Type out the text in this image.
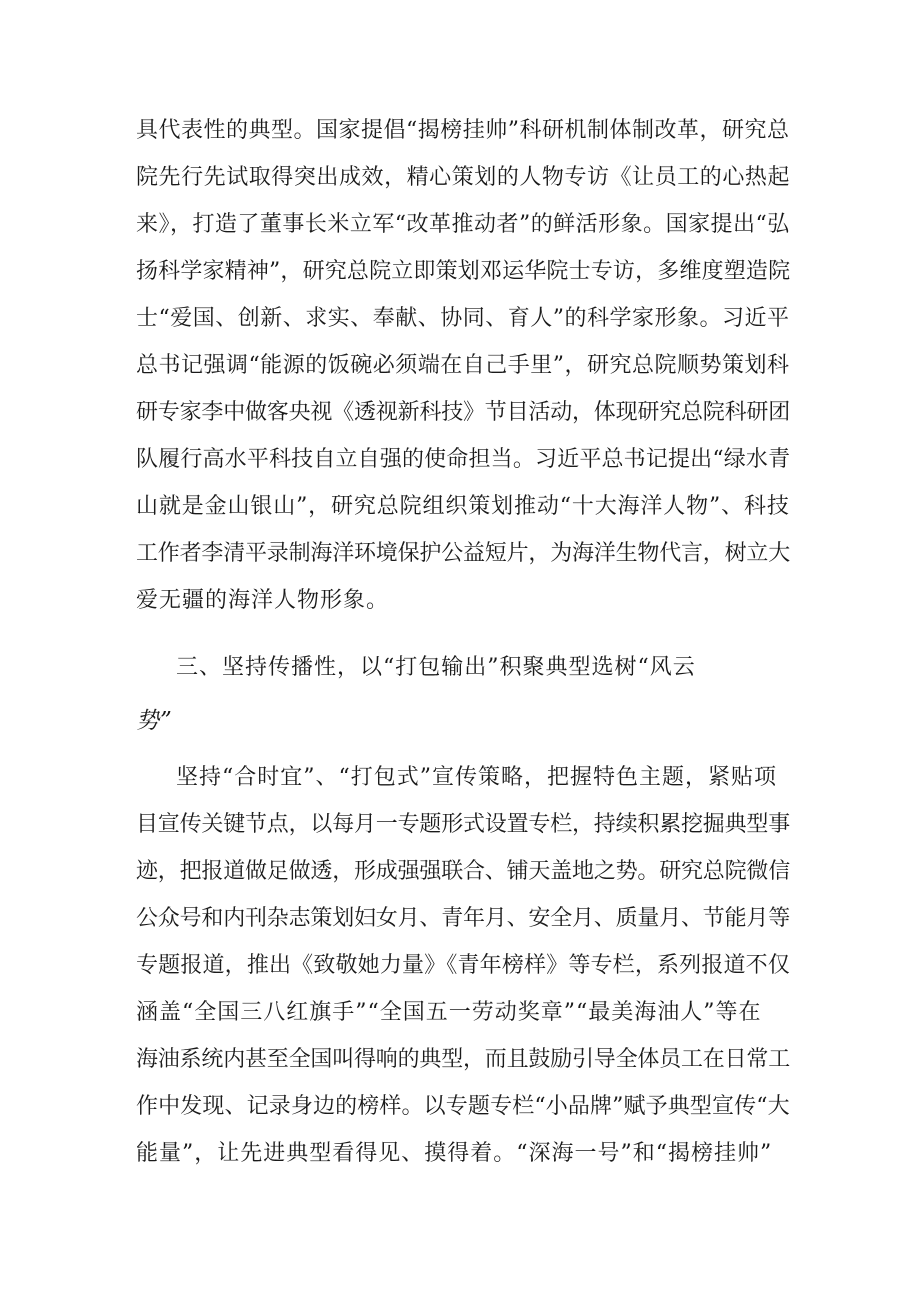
具代表性的典型。国家提倡“揭榜挂帅”科研机制体制改革，研究总
院先行先试取得突出成效，精心策划的人物专访《让员工的心热起
来》，打造了董事长米立军“改革推动者”的鲜活形象。国家提出“弘
扬科学家精神”，研究总院立即策划邓运华院士专访，多维度塑造院
士“爱国、创新、求实、奉献、协同、育人”的科学家形象。习近平
总书记强调“能源的饭碗必须端在自己手里”，研究总院顺势策划科
研专家李中做客央视《透视新科技》节目活动，体现研究总院科研团
队履行高水平科技自立自强的使命担当。习近平总书记提出“绿水青
山就是金山银山”，研究总院组织策划推动“十大海洋人物”、科技
工作者李清平录制海洋环境保护公益短片，为海洋生物代言，树立大
爱无疆的海洋人物形象。
三、坚持传播性，以“打包输出”积聚典型选树“风云
势”
坚持“合时宜”、“打包式”宣传策略，把握特色主题，紧贴项
目宣传关键节点，以每月一专题形式设置专栏，持续积累挖掘典型事
迹，把报道做足做透，形成强强联合、铺天盖地之势。研究总院微信
公众号和内刊杂志策划妇女月、青年月、安全月、质量月、节能月等
专题报道，推出《致敬她力量》《青年榜样》等专栏，系列报道不仅
涵盖“全国三八红旗手”“全国五一劳动奖章”“最美海油人”等在
海油系统内甚至全国叫得响的典型，而且鼓励引导全体员工在日常工
作中发现、记录身边的榜样。以专题专栏“小品牌”赋予典型宣传“大
能量”，让先进典型看得见、摸得着。“深海一号”和“揭榜挂帅”
